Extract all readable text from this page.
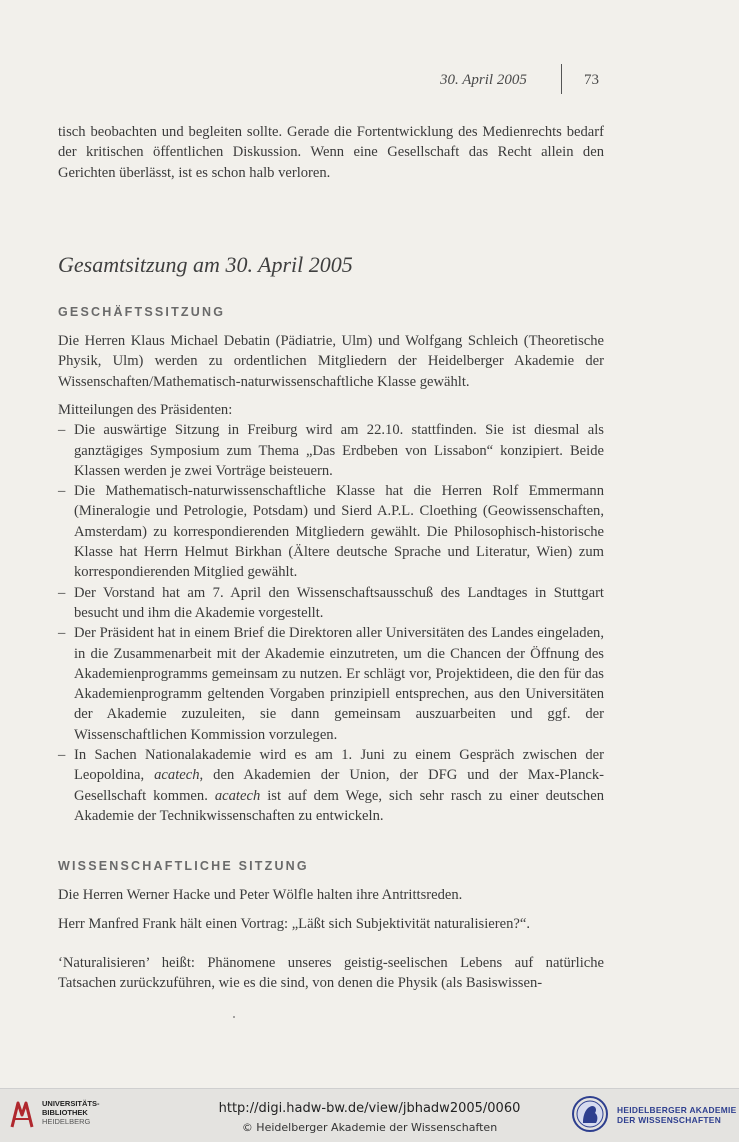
30. April 2005	73

tisch beobachten und begleiten sollte. Gerade die Fortentwicklung des Medienrechts bedarf der kritischen öffentlichen Diskussion. Wenn eine Gesellschaft das Recht allein den Gerichten überlässt, ist es schon halb verloren.

Gesamtsitzung am 30. April 2005
GESCHÄFTSSITZUNG

Die Herren Klaus Michael Debatin (Pädiatrie, Ulm) und Wolfgang Schleich (Theoretische Physik, Ulm) werden zu ordentlichen Mitgliedern der Heidelberger Akademie der Wissenschaften/Mathematisch-naturwissenschaftliche Klasse gewählt.

Mitteilungen des Präsidenten:

– Die auswärtige Sitzung in Freiburg wird am 22.10. stattfinden. Sie ist diesmal als ganztägiges Symposium zum Thema „Das Erdbeben von Lissabon“ konzipiert. Beide Klassen werden je zwei Vorträge beisteuern.
– Die Mathematisch-naturwissenschaftliche Klasse hat die Herren Rolf Emmermann (Mineralogie und Petrologie, Potsdam) und Sierd A.P.L. Cloething (Geowissenschaften, Amsterdam) zu korrespondierenden Mitgliedern gewählt. Die Philosophisch-historische Klasse hat Herrn Helmut Birkhan (Ältere deutsche Sprache und Literatur, Wien) zum korrespondierenden Mitglied gewählt.
– Der Vorstand hat am 7. April den Wissenschaftsausschuß des Landtages in Stuttgart besucht und ihm die Akademie vorgestellt.
– Der Präsident hat in einem Brief die Direktoren aller Universitäten des Landes eingeladen, in die Zusammenarbeit mit der Akademie einzutreten, um die Chancen der Öffnung des Akademienprogramms gemeinsam zu nutzen. Er schlägt vor, Projektideen, die den für das Akademienprogramm geltenden Vorgaben prinzipiell entsprechen, aus den Universitäten der Akademie zuzuleiten, sie dann gemeinsam auszuarbeiten und ggf. der Wissenschaftlichen Kommission vorzulegen.
– In Sachen Nationalakademie wird es am 1. Juni zu einem Gespräch zwischen der Leopoldina, acatech, den Akademien der Union, der DFG und der Max-Planck-Gesellschaft kommen. acatech ist auf dem Wege, sich sehr rasch zu einer deutschen Akademie der Technikwissenschaften zu entwickeln.
WISSENSCHAFTLICHE SITZUNG

Die Herren Werner Hacke und Peter Wölfle halten ihre Antrittsreden.

Herr Manfred Frank hält einen Vortrag: „Läßt sich Subjektivität naturalisieren?“.

‘Naturalisieren’ heißt: Phänomene unseres geistig-seelischen Lebens auf natürliche Tatsachen zurückzuführen, wie es die sind, von denen die Physik (als Basiswissen-

UNIVERSITÄTS-
BIBLIOTHEK
HEIDELBERG
http://digi.hadw-bw.de/view/jbhadw2005/0060
© Heidelberger Akademie der Wissenschaften
HEIDELBERGER AKADEMIE
DER WISSENSCHAFTEN
